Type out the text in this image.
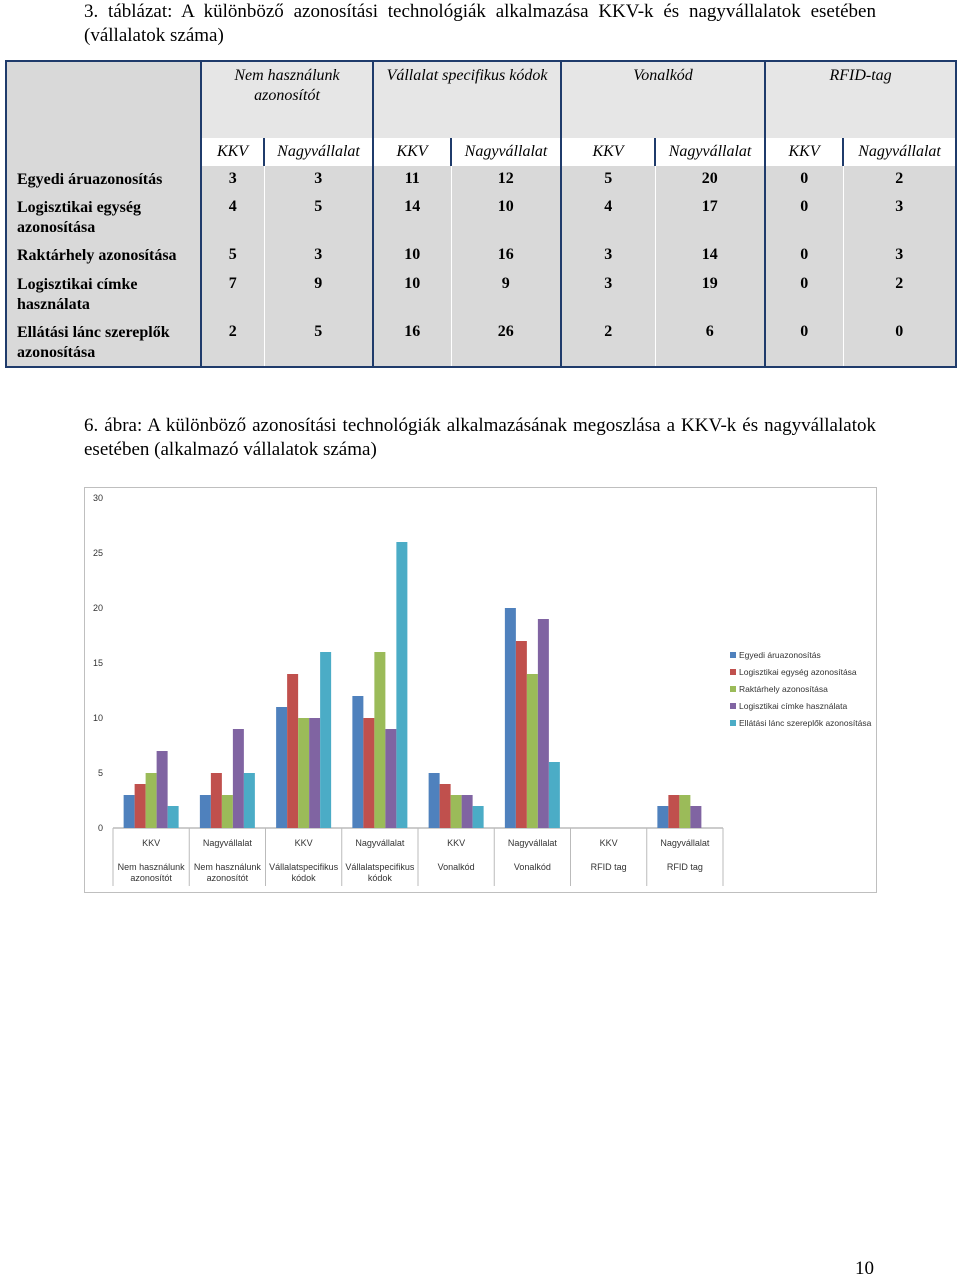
3. táblázat: A különböző azonosítási technológiák alkalmazása KKV-k és nagyvállalatok esetében (vállalatok száma)
	Nem használunk azonosítót		Vállalat specifikus kódok		Vonalkód		RFID-tag	
	KKV	Nagyvállalat	KKV	Nagyvállalat	KKV	Nagyvállalat	KKV	Nagyvállalat
Egyedi áruazonosítás	3	3	11	12	5	20	0	2
Logisztikai egység azonosítása	4	5	14	10	4	17	0	3
Raktárhely azonosítása	5	3	10	16	3	14	0	3
Logisztikai címke használata	7	9	10	9	3	19	0	2
Ellátási lánc szereplők azonosítása	2	5	16	26	2	6	0	0
6. ábra: A különböző azonosítási technológiák alkalmazásának megoszlása a KKV-k és nagyvállalatok esetében (alkalmazó vállalatok száma)
0
5
10
15
20
25
30
KKV
Nem használunk azonosítót
Nagyvállalat
Nem használunk azonosítót
KKV
Vállalatspecifikus kódok
Nagyvállalat
Vállalatspecifikus kódok
KKV
Vonalkód
Nagyvállalat
Vonalkód
KKV
RFID tag
Nagyvállalat
RFID tag
Egyedi áruazonosítás
Logisztikai egység azonosítása
Raktárhely azonosítása
Logisztikai címke használata
Ellátási lánc szereplők azonosítása
10
